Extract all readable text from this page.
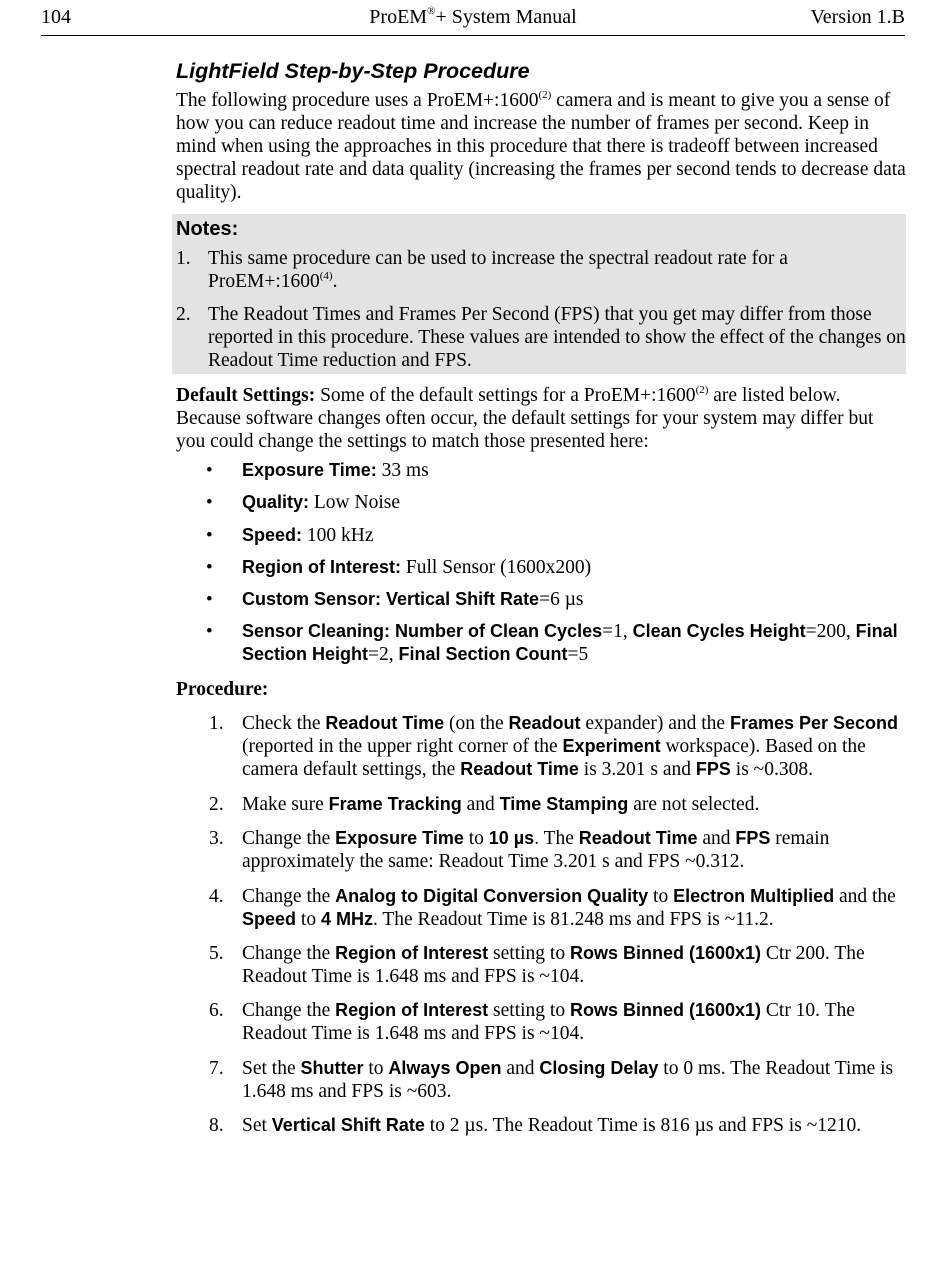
104	ProEM®+ System Manual	Version 1.B
LightField Step-by-Step Procedure

The following procedure uses a $ProEM+:1600^{(2)}$ camera and is meant to give you a sense of how you can reduce readout time and increase the number of frames per second. Keep in mind when using the approaches in this procedure that there is tradeoff between increased spectral readout rate and data quality (increasing the frames per second tends to decrease data quality).

Notes:
1. This same procedure can be used to increase the spectral readout rate for a $ProEM+:1600^{(4)}$.
2. The Readout Times and Frames Per Second (FPS) that you get may differ from those reported in this procedure. These values are intended to show the effect of the changes on Readout Time reduction and FPS.

Default Settings: Some of the default settings for a $ProEM+:1600^{(2)}$ are listed below. Because software changes often occur, the default settings for your system may differ but you could change the settings to match those presented here:

• Exposure Time: 33 ms
• Quality: Low Noise
• Speed: 100 kHz
• Region of Interest: Full Sensor (1600x200)
• Custom Sensor: Vertical Shift Rate=6 µs
• Sensor Cleaning: Number of Clean Cycles=1, Clean Cycles Height=200, Final Section Height=2, Final Section Count=5

Procedure:

1. Check the Readout Time (on the Readout expander) and the Frames Per Second (reported in the upper right corner of the Experiment workspace). Based on the camera default settings, the Readout Time is 3.201 s and FPS is ~0.308.
2. Make sure Frame Tracking and Time Stamping are not selected.
3. Change the Exposure Time to 10 µs. The Readout Time and FPS remain approximately the same: Readout Time 3.201 s and FPS ~0.312.
4. Change the Analog to Digital Conversion Quality to Electron Multiplied and the Speed to 4 MHz. The Readout Time is 81.248 ms and FPS is ~11.2.
5. Change the Region of Interest setting to Rows Binned (1600x1) Ctr 200. The Readout Time is 1.648 ms and FPS is ~104.
6. Change the Region of Interest setting to Rows Binned (1600x1) Ctr 10. The Readout Time is 1.648 ms and FPS is ~104.
7. Set the Shutter to Always Open and Closing Delay to 0 ms. The Readout Time is 1.648 ms and FPS is ~603.
8. Set Vertical Shift Rate to 2 µs. The Readout Time is 816 µs and FPS is ~1210.
